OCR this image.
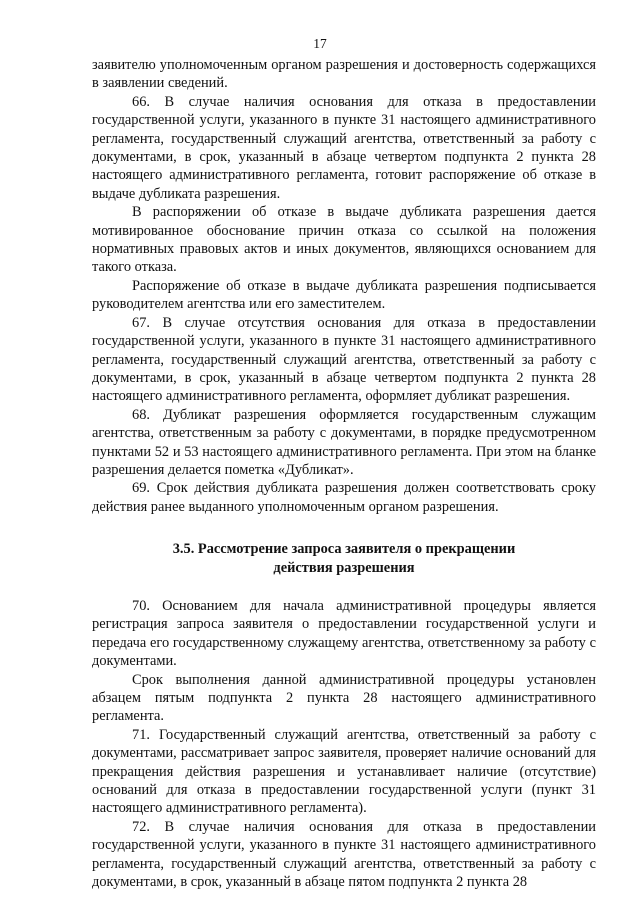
17

заявителю уполномоченным органом разрешения и достоверность содержащихся в заявлении сведений.

66. В случае наличия основания для отказа в предоставлении государственной услуги, указанного в пункте 31 настоящего административного регламента, государственный служащий агентства, ответственный за работу с документами, в срок, указанный в абзаце четвертом подпункта 2 пункта 28 настоящего административного регламента, готовит распоряжение об отказе в выдаче дубликата разрешения.

В распоряжении об отказе в выдаче дубликата разрешения дается мотивированное обоснование причин отказа со ссылкой на положения нормативных правовых актов и иных документов, являющихся основанием для такого отказа.

Распоряжение об отказе в выдаче дубликата разрешения подписывается руководителем агентства или его заместителем.

67. В случае отсутствия основания для отказа в предоставлении государственной услуги, указанного в пункте 31 настоящего административного регламента, государственный служащий агентства, ответственный за работу с документами, в срок, указанный в абзаце четвертом подпункта 2 пункта 28 настоящего административного регламента, оформляет дубликат разрешения.

68. Дубликат разрешения оформляется государственным служащим агентства, ответственным за работу с документами, в порядке предусмотренном пунктами 52 и 53 настоящего административного регламента. При этом на бланке разрешения делается пометка «Дубликат».

69. Срок действия дубликата разрешения должен соответствовать сроку действия ранее выданного уполномоченным органом разрешения.

3.5. Рассмотрение запроса заявителя о прекращении
действия разрешения

70. Основанием для начала административной процедуры является регистрация запроса заявителя о предоставлении государственной услуги и передача его государственному служащему агентства, ответственному за работу с документами.

Срок выполнения данной административной процедуры установлен абзацем пятым подпункта 2 пункта 28 настоящего административного регламента.

71. Государственный служащий агентства, ответственный за работу с документами, рассматривает запрос заявителя, проверяет наличие оснований для прекращения действия разрешения и устанавливает наличие (отсутствие) оснований для отказа в предоставлении государственной услуги (пункт 31 настоящего административного регламента).

72. В случае наличия основания для отказа в предоставлении государственной услуги, указанного в пункте 31 настоящего административного регламента, государственный служащий агентства, ответственный за работу с документами, в срок, указанный в абзаце пятом подпункта 2 пункта 28
